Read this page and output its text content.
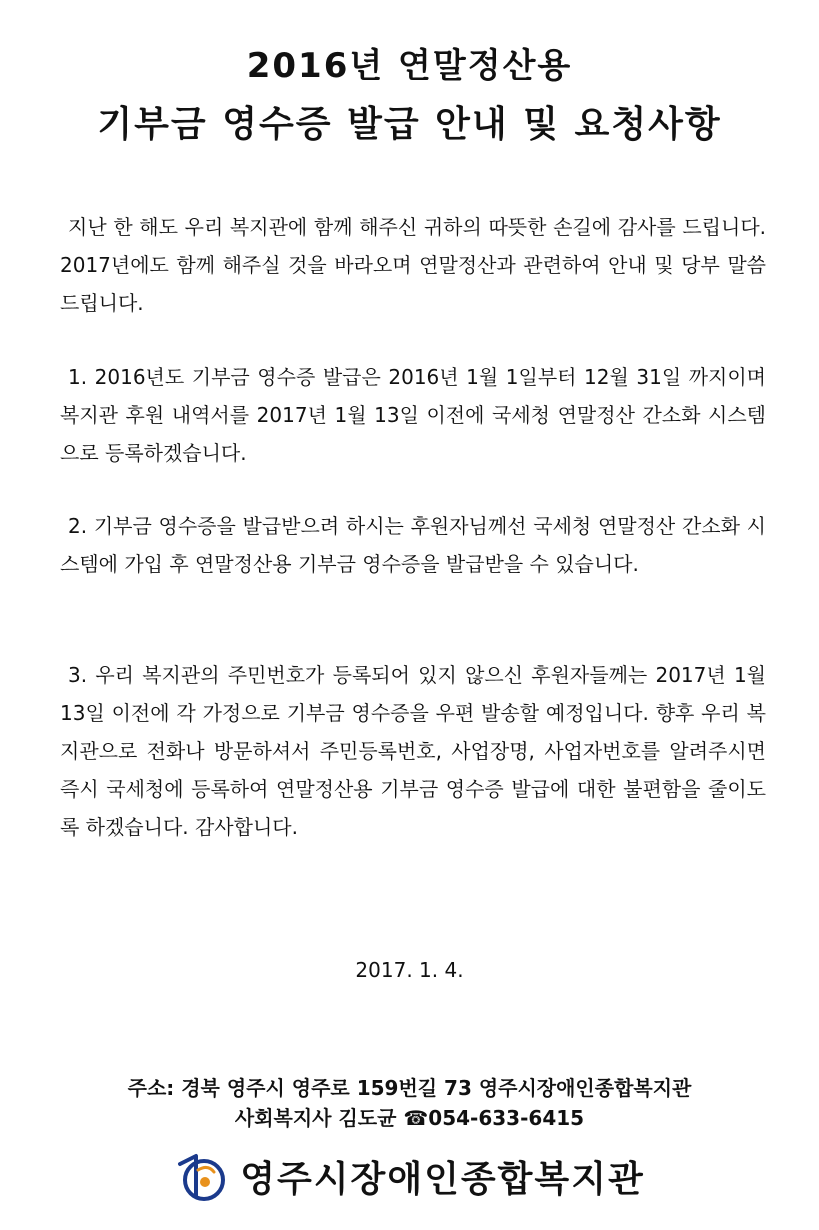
2016년 연말정산용
기부금 영수증 발급 안내 및 요청사항

지난 한 해도 우리 복지관에 함께 해주신 귀하의 따뜻한 손길에 감사를 드립니다. 2017년에도 함께 해주실 것을 바라오며 연말정산과 관련하여 안내 및 당부 말씀드립니다.

1. 2016년도 기부금 영수증 발급은 2016년 1월 1일부터 12월 31일 까지이며 복지관 후원 내역서를 2017년 1월 13일 이전에 국세청 연말정산 간소화 시스템으로 등록하겠습니다.

2. 기부금 영수증을 발급받으려 하시는 후원자님께선 국세청 연말정산 간소화 시스템에 가입 후 연말정산용 기부금 영수증을 발급받을 수 있습니다.

3. 우리 복지관의 주민번호가 등록되어 있지 않으신 후원자들께는 2017년 1월 13일 이전에 각 가정으로 기부금 영수증을 우편 발송할 예정입니다. 향후 우리 복지관으로 전화나 방문하셔서 주민등록번호, 사업장명, 사업자번호를 알려주시면 즉시 국세청에 등록하여 연말정산용 기부금 영수증 발급에 대한 불편함을 줄이도록 하겠습니다. 감사합니다.

2017. 1. 4.
주소: 경북 영주시 영주로 159번길 73 영주시장애인종합복지관
사회복지사 김도균 ☎054-633-6415
영주시장애인종합복지관
